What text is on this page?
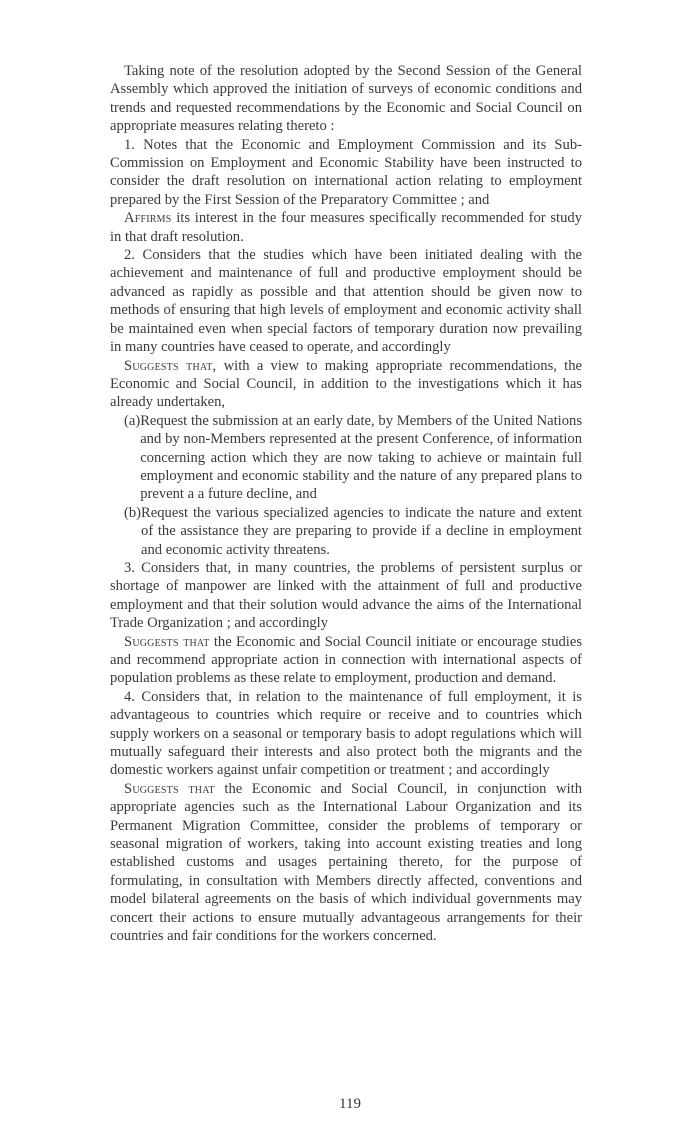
Taking note of the resolution adopted by the Second Session of the General Assembly which approved the initiation of surveys of economic conditions and trends and requested recommendations by the Economic and Social Council on appropriate measures relating thereto :

1. Notes that the Economic and Employment Commission and its Sub-Commission on Employment and Economic Stability have been instructed to consider the draft resolution on international action relating to employment prepared by the First Session of the Preparatory Committee ; and

Affirms its interest in the four measures specifically recommended for study in that draft resolution.

2. Considers that the studies which have been initiated dealing with the achievement and maintenance of full and productive employment should be advanced as rapidly as possible and that attention should be given now to methods of ensuring that high levels of employment and economic activity shall be maintained even when special factors of temporary duration now prevailing in many countries have ceased to operate, and accordingly

Suggests that, with a view to making appropriate recommendations, the Economic and Social Council, in addition to the investigations which it has already undertaken,

(a) Request the submission at an early date, by Members of the United Nations and by non-Members represented at the present Conference, of information concerning action which they are now taking to achieve or maintain full employment and economic stability and the nature of any prepared plans to prevent a a future decline, and
(b) Request the various specialized agencies to indicate the nature and extent of the assistance they are preparing to provide if a decline in employment and economic activity threatens.

3. Considers that, in many countries, the problems of persistent surplus or shortage of manpower are linked with the attainment of full and productive employment and that their solution would advance the aims of the International Trade Organization ; and accordingly

Suggests that the Economic and Social Council initiate or encourage studies and recommend appropriate action in connection with international aspects of population problems as these relate to employment, production and demand.

4. Considers that, in relation to the maintenance of full employment, it is advantageous to countries which require or receive and to countries which supply workers on a seasonal or temporary basis to adopt regulations which will mutually safeguard their interests and also protect both the migrants and the domestic workers against unfair competition or treatment ; and accordingly

Suggests that the Economic and Social Council, in conjunction with appropriate agencies such as the International Labour Organization and its Permanent Migration Committee, consider the problems of temporary or seasonal migration of workers, taking into account existing treaties and long established customs and usages pertaining thereto, for the purpose of formulating, in consultation with Members directly affected, conventions and model bilateral agreements on the basis of which individual governments may concert their actions to ensure mutually advantageous arrangements for their countries and fair conditions for the workers concerned.

119
